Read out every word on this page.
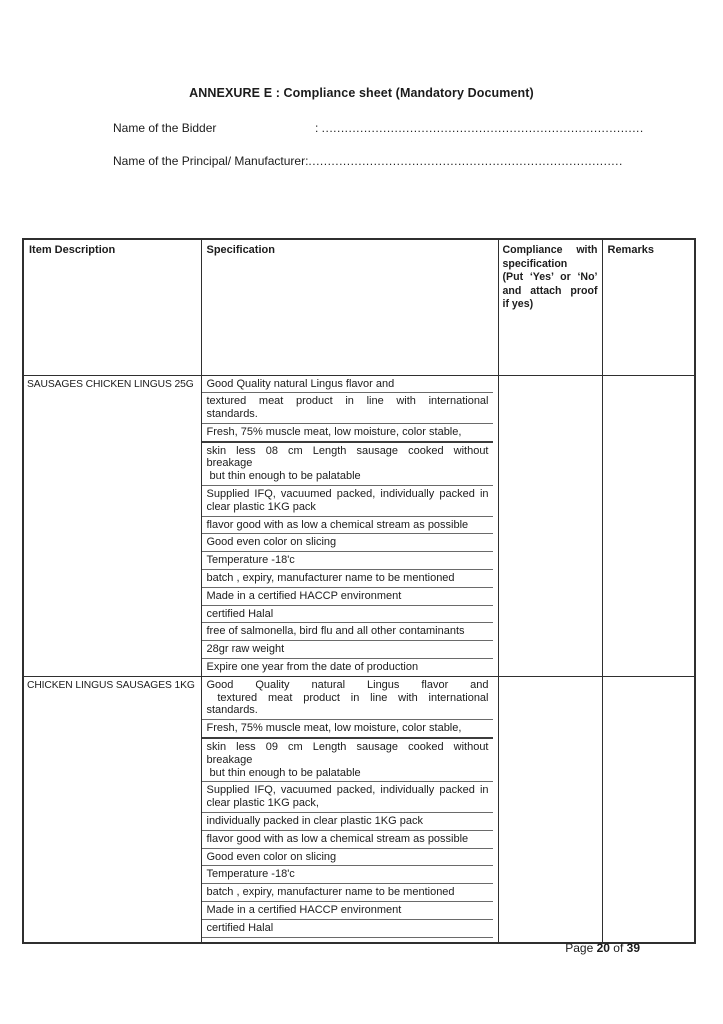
ANNEXURE E : Compliance sheet (Mandatory Document)
Name of the Bidder	: ....................................................................................
Name of the Principal/ Manufacturer:..................................................................................
Item Description	Specification	Compliance with
specification
(Put ‘Yes’ or ‘No’
and attach proof
if yes)	Remarks
SAUSAGES CHICKEN LINGUS 25G	Good Quality natural Lingus flavor and
textured meat product in line with international
standards.
Fresh, 75% muscle meat, low moisture, color stable,
skin less 08 cm Length sausage cooked without
breakage
but thin enough to be palatable
Supplied IFQ, vacuumed packed, individually packed in
clear plastic 1KG pack
flavor good with as low a chemical stream as possible
Good even color on slicing
Temperature -18'c
batch , expiry, manufacturer name to be mentioned
Made in a certified HACCP environment
certified Halal
free of salmonella, bird flu and all other contaminants
28gr raw weight
Expire one year from the date of production

CHICKEN LINGUS SAUSAGES 1KG	Good Quality natural Lingus flavor and
textured meat product in line with international
standards.
Fresh, 75% muscle meat, low moisture, color stable,
skin less 09 cm Length sausage cooked without
breakage
but thin enough to be palatable
Supplied IFQ, vacuumed packed, individually packed in
clear plastic 1KG pack,
individually packed in clear plastic 1KG pack
flavor good with as low a chemical stream as possible
Good even color on slicing
Temperature -18'c
batch , expiry, manufacturer name to be mentioned
Made in a certified HACCP environment
certified Halal

Page 20 of 39
